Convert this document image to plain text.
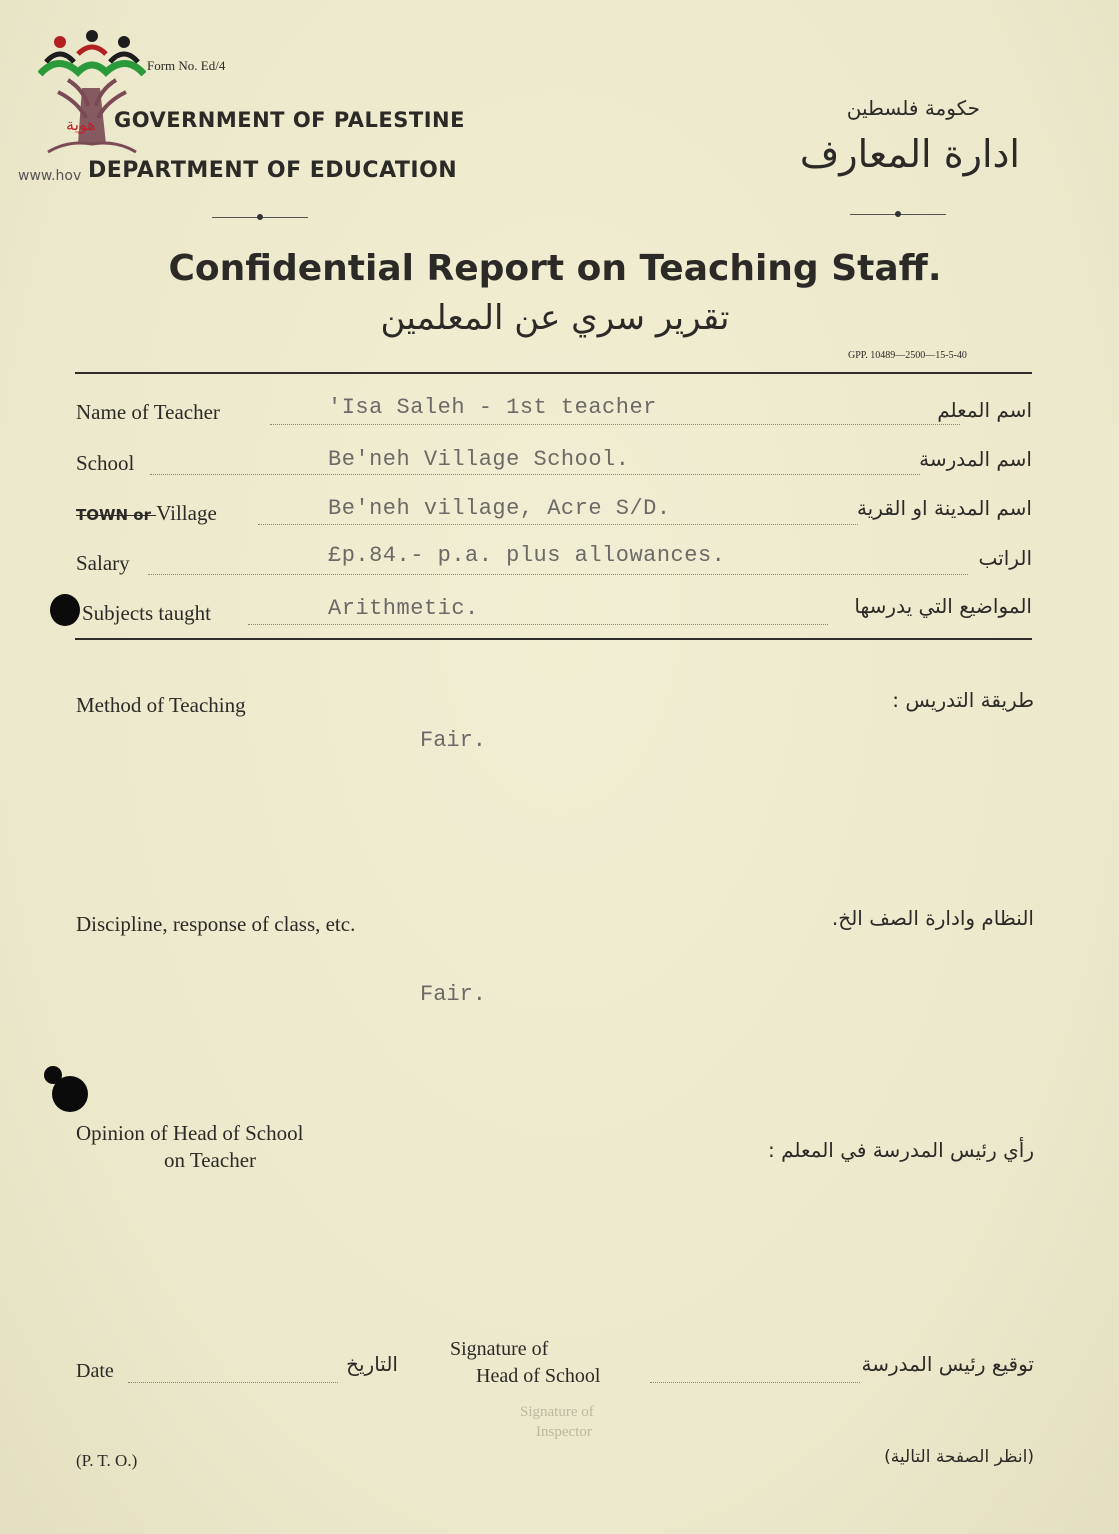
هوية
www.hov
Form No. Ed/4
GOVERNMENT OF PALESTINE
DEPARTMENT OF EDUCATION
حكومة فلسطين
ادارة المعارف
Confidential Report on Teaching Staff.
تقرير سري عن المعلمين
GPP. 10489—2500—15-5-40
Name of Teacher	'Isa Saleh - 1st teacher	اسم المعلم
School	Be'neh Village School.	اسم المدرسة
TOWN or Village	Be'neh village, Acre S/D.	اسم المدينة او القرية
Salary	£p.84.- p.a. plus allowances.	الراتب
Subjects taught	Arithmetic.	المواضيع التي يدرسها
Method of Teaching	طريقة التدريس :
Fair.
Discipline, response of class, etc.	النظام وادارة الصف الخ.
Fair.
Opinion of Head of School
on Teacher	رأي رئيس المدرسة في المعلم :
Date	التاريخ
Signature of
Head of School	توقيع رئيس المدرسة
Signature of
Inspector
(P. T. O.)	(انظر الصفحة التالية)
